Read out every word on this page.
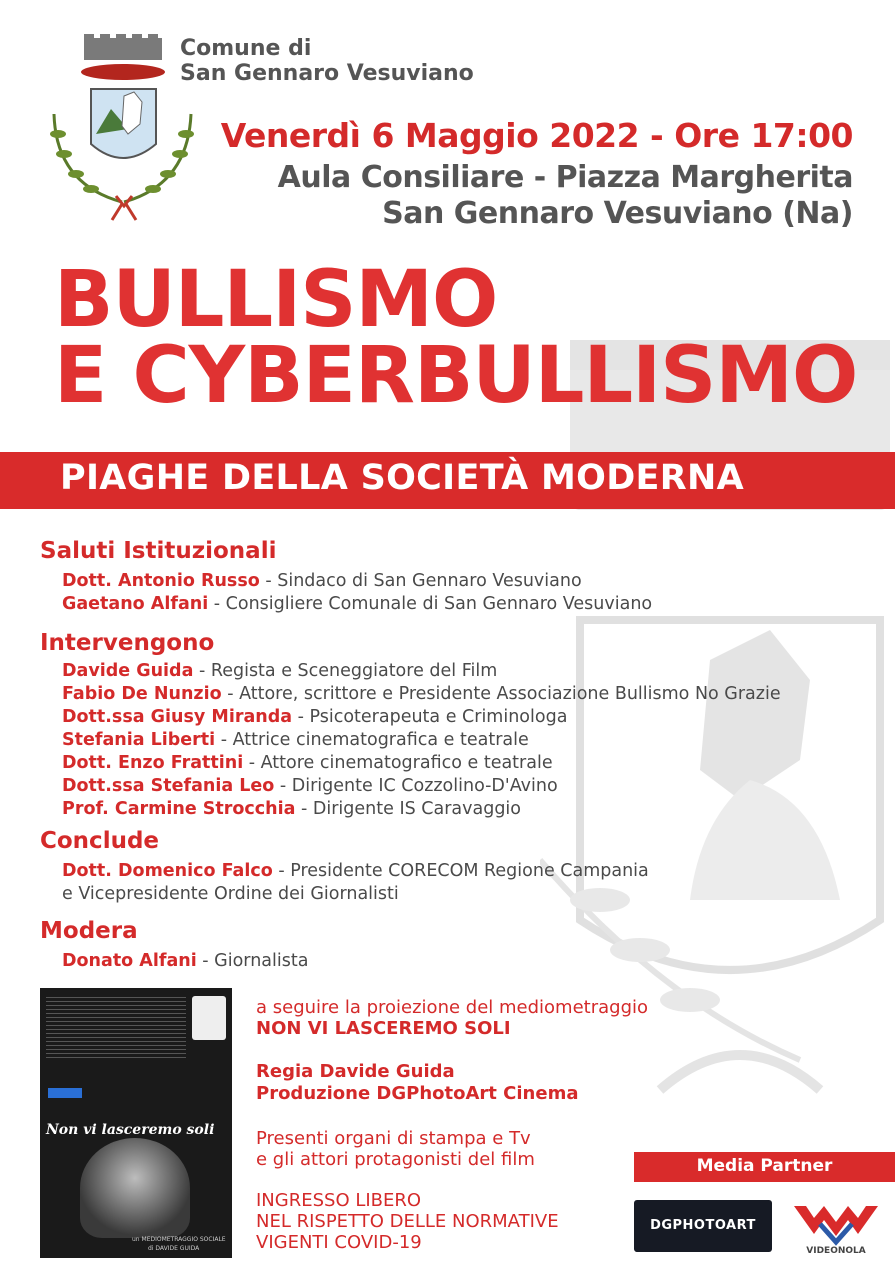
Comune di
San Gennaro Vesuviano
Venerdì 6 Maggio 2022 - Ore 17:00
Aula Consiliare - Piazza Margherita
San Gennaro Vesuviano (Na)
BULLISMO
E CYBERBULLISMO
PIAGHE DELLA SOCIETÀ MODERNA
Saluti Istituzionali
Dott. Antonio Russo - Sindaco di San Gennaro Vesuviano
Gaetano Alfani - Consigliere Comunale di San Gennaro Vesuviano
Intervengono
Davide Guida - Regista e Sceneggiatore del Film
Fabio De Nunzio - Attore, scrittore e Presidente Associazione Bullismo No Grazie
Dott.ssa Giusy Miranda - Psicoterapeuta e Criminologa
Stefania Liberti - Attrice cinematografica e teatrale
Dott. Enzo Frattini - Attore cinematografico e teatrale
Dott.ssa Stefania Leo - Dirigente IC Cozzolino-D'Avino
Prof. Carmine Strocchia - Dirigente IS Caravaggio
Conclude
Dott. Domenico Falco - Presidente CORECOM Regione Campania
e Vicepresidente Ordine dei Giornalisti
Modera
Donato Alfani - Giornalista
Non vi lasceremo soli
un MEDIOMETRAGGIO SOCIALE
di DAVIDE GUIDA
a seguire la proiezione del mediometraggio
NON VI LASCEREMO SOLI
Regia Davide Guida
Produzione DGPhotoArt Cinema
Presenti organi di stampa e Tv
e gli attori protagonisti del film
INGRESSO LIBERO
NEL RISPETTO DELLE NORMATIVE
VIGENTI COVID-19
Media Partner
DGPHOTOART
VIDEONOLA
